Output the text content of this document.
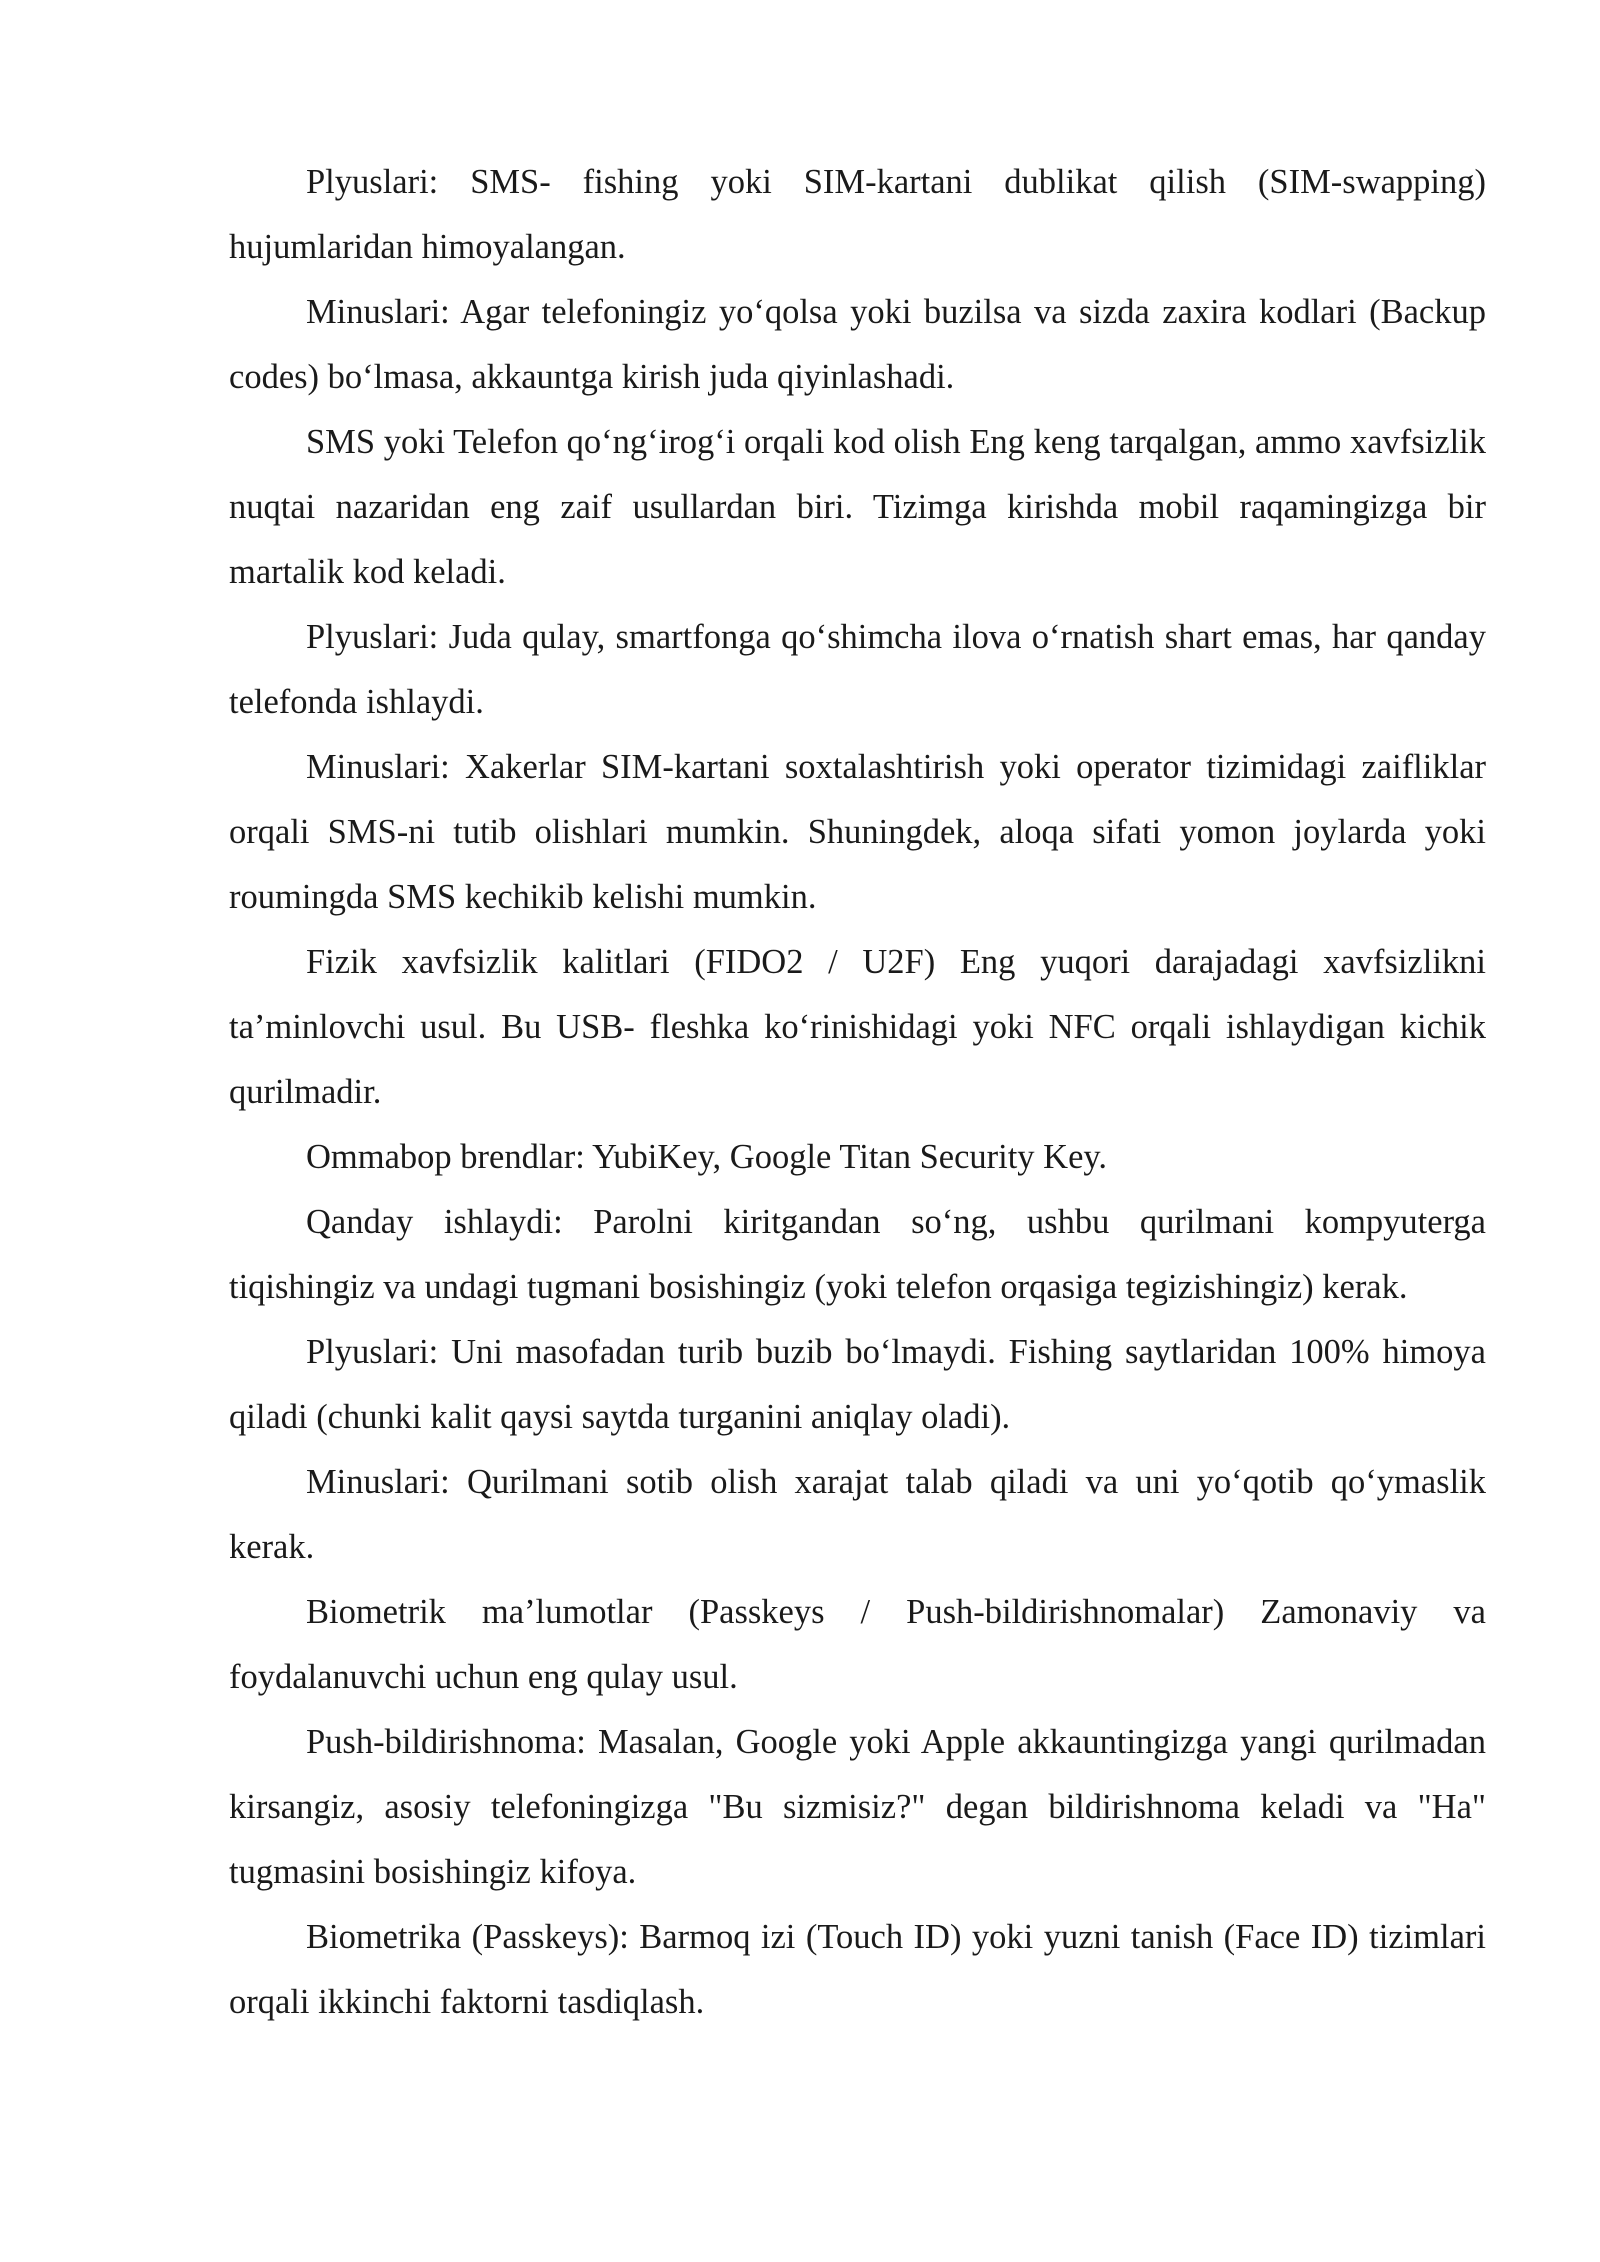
Plyuslari: SMS- fishing yoki SIM-kartani dublikat qilish (SIM-swapping) hujumlaridan himoyalangan.

Minuslari: Agar telefoningiz yo‘qolsa yoki buzilsa va sizda zaxira kodlari (Backup codes) bo‘lmasa, akkauntga kirish juda qiyinlashadi.

SMS yoki Telefon qo‘ng‘irog‘i orqali kod olish Eng keng tarqalgan, ammo xavfsizlik nuqtai nazaridan eng zaif usullardan biri. Tizimga kirishda mobil raqamingizga bir martalik kod keladi.

Plyuslari: Juda qulay, smartfonga qo‘shimcha ilova o‘rnatish shart emas, har qanday telefonda ishlaydi.

Minuslari: Xakerlar SIM-kartani soxtalashtirish yoki operator tizimidagi zaifliklar orqali SMS-ni tutib olishlari mumkin. Shuningdek, aloqa sifati yomon joylarda yoki roumingda SMS kechikib kelishi mumkin.

Fizik xavfsizlik kalitlari (FIDO2 / U2F) Eng yuqori darajadagi xavfsizlikni ta’minlovchi usul. Bu USB- fleshka ko‘rinishidagi yoki NFC orqali ishlaydigan kichik qurilmadir.

Ommabop brendlar: YubiKey, Google Titan Security Key.

Qanday ishlaydi: Parolni kiritgandan so‘ng, ushbu qurilmani kompyuterga tiqishingiz va undagi tugmani bosishingiz (yoki telefon orqasiga tegizishingiz) kerak.

Plyuslari: Uni masofadan turib buzib bo‘lmaydi. Fishing saytlaridan 100% himoya qiladi (chunki kalit qaysi saytda turganini aniqlay oladi).

Minuslari: Qurilmani sotib olish xarajat talab qiladi va uni yo‘qotib qo‘ymaslik kerak.

Biometrik ma’lumotlar (Passkeys / Push-bildirishnomalar) Zamonaviy va foydalanuvchi uchun eng qulay usul.

Push-bildirishnoma: Masalan, Google yoki Apple akkauntingizga yangi qurilmadan kirsangiz, asosiy telefoningizga "Bu sizmisiz?" degan bildirishnoma keladi va "Ha" tugmasini bosishingiz kifoya.

Biometrika (Passkeys): Barmoq izi (Touch ID) yoki yuzni tanish (Face ID) tizimlari orqali ikkinchi faktorni tasdiqlash.
